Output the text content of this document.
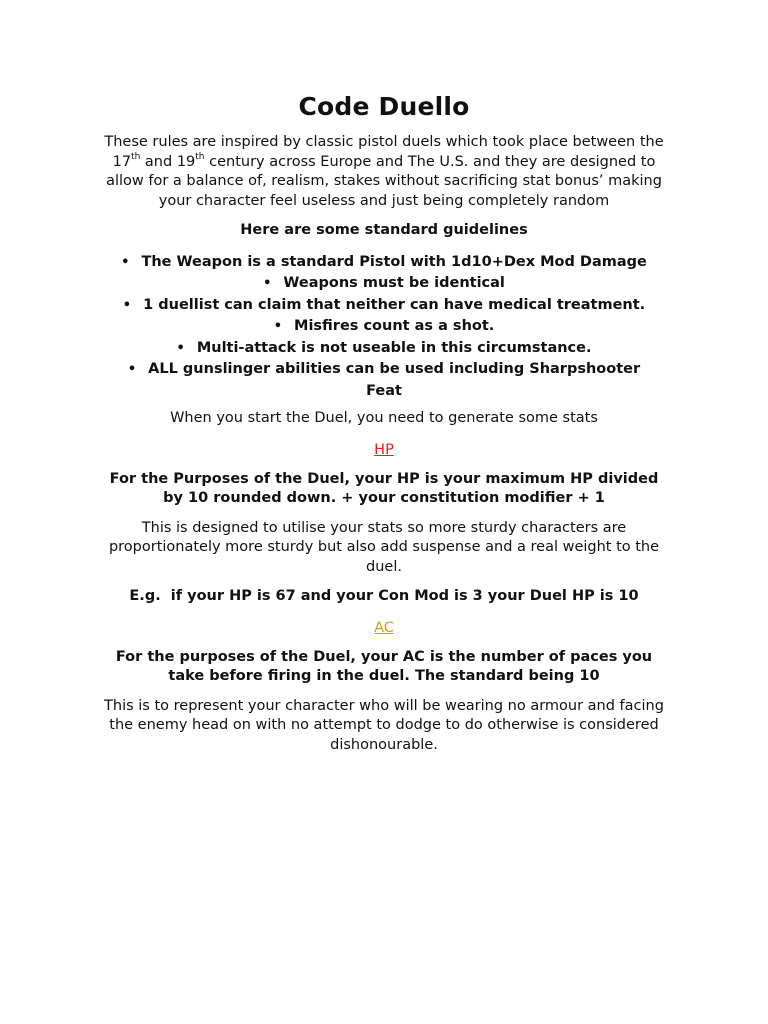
Code Duello
These rules are inspired by classic pistol duels which took place between the
17th and 19th century across Europe and The U.S. and they are designed to
allow for a balance of, realism, stakes without sacrificing stat bonus’ making
your character feel useless and just being completely random
Here are some standard guidelines
• The Weapon is a standard Pistol with 1d10+Dex Mod Damage
• Weapons must be identical
• 1 duellist can claim that neither can have medical treatment.
• Misfires count as a shot.
• Multi-attack is not useable in this circumstance.
• ALL gunslinger abilities can be used including Sharpshooter
Feat
When you start the Duel, you need to generate some stats
HP
For the Purposes of the Duel, your HP is your maximum HP divided
by 10 rounded down. + your constitution modifier + 1
This is designed to utilise your stats so more sturdy characters are
proportionately more sturdy but also add suspense and a real weight to the
duel.
E.g.  if your HP is 67 and your Con Mod is 3 your Duel HP is 10
AC
For the purposes of the Duel, your AC is the number of paces you
take before firing in the duel. The standard being 10
This is to represent your character who will be wearing no armour and facing
the enemy head on with no attempt to dodge to do otherwise is considered
dishonourable.
